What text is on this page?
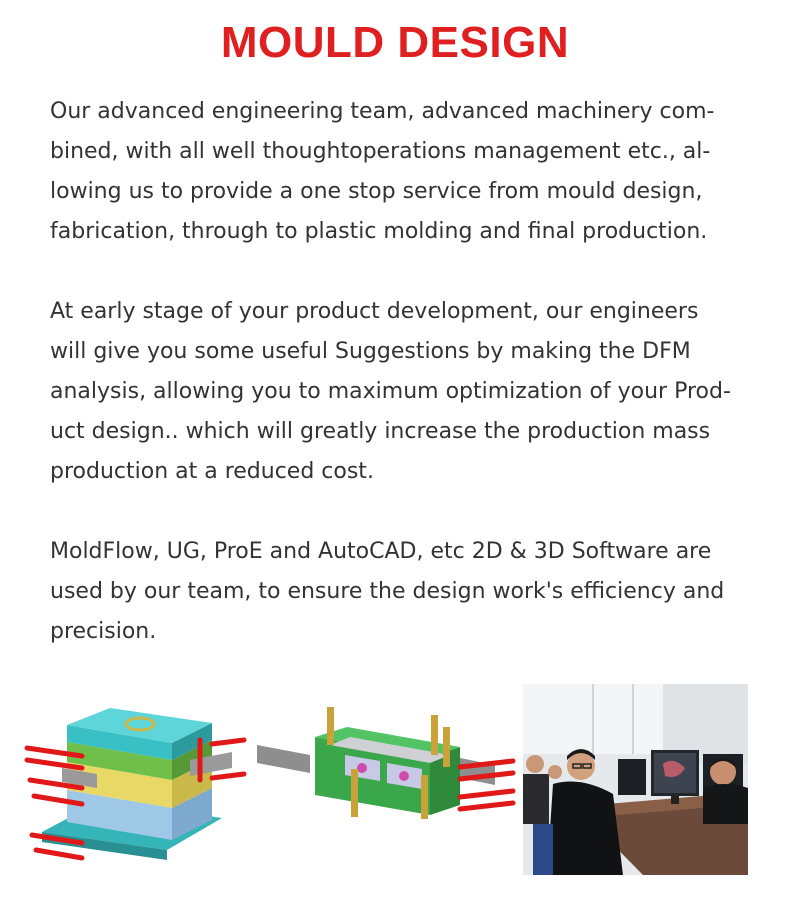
MOULD DESIGN

Our advanced engineering team, advanced machinery com-
bined, with all well thoughtoperations management etc., al-
lowing us to provide a one stop service from mould design,
fabrication, through to plastic molding and final production.

At early stage of your product development, our engineers
will give you some useful Suggestions by making the DFM
analysis, allowing you to maximum optimization of your Prod-
uct design.. which will greatly increase the production mass
production at a reduced cost.

MoldFlow, UG, ProE and AutoCAD, etc 2D & 3D Software are
used by our team, to ensure the design work's efficiency and
precision.
